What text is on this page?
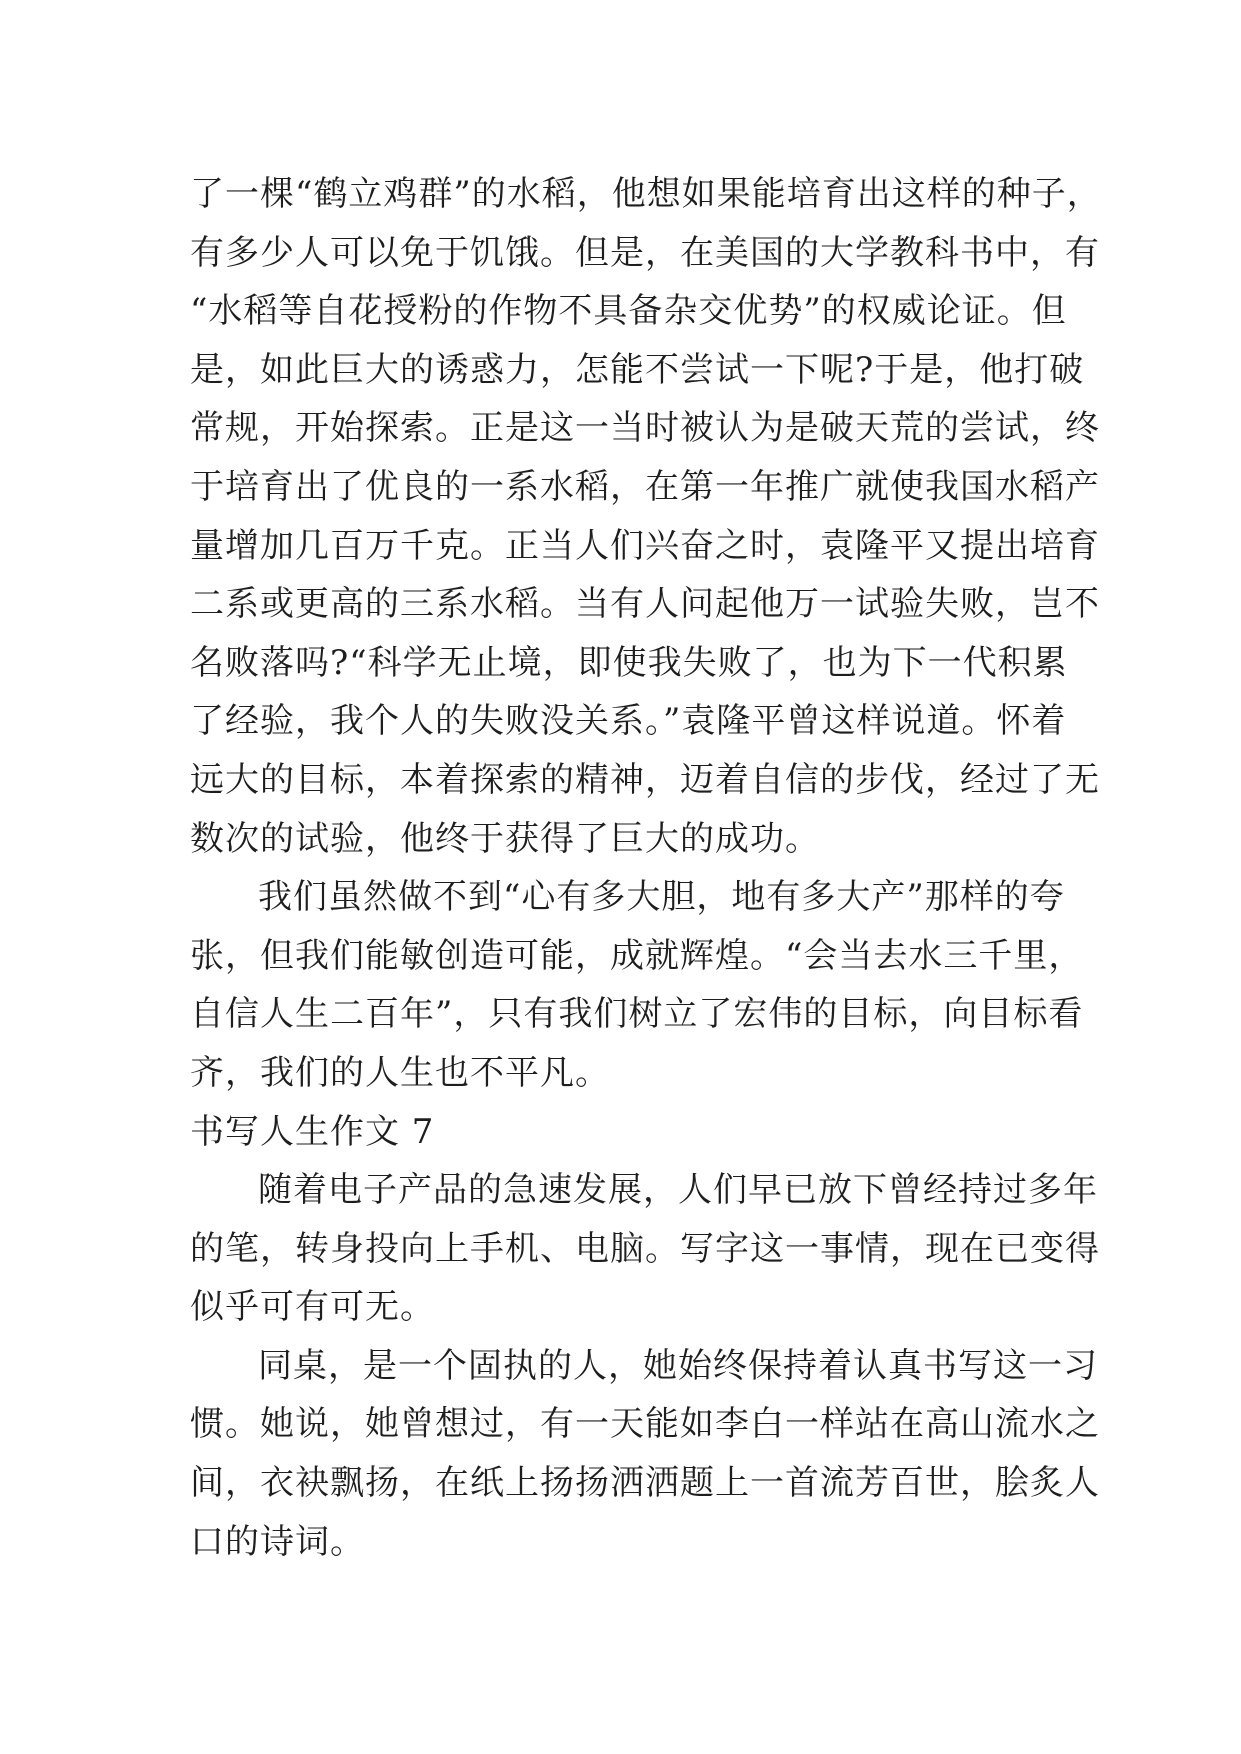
了一棵“鹤立鸡群”的水稻，他想如果能培育出这样的种子，
有多少人可以免于饥饿。但是，在美国的大学教科书中，有
“水稻等自花授粉的作物不具备杂交优势”的权威论证。但
是，如此巨大的诱惑力，怎能不尝试一下呢?于是，他打破
常规，开始探索。正是这一当时被认为是破天荒的尝试，终
于培育出了优良的一系水稻，在第一年推广就使我国水稻产
量增加几百万千克。正当人们兴奋之时，袁隆平又提出培育
二系或更高的三系水稻。当有人问起他万一试验失败，岂不
名败落吗?“科学无止境，即使我失败了，也为下一代积累
了经验，我个人的失败没关系。”袁隆平曾这样说道。怀着
远大的目标，本着探索的精神，迈着自信的步伐，经过了无
数次的试验，他终于获得了巨大的成功。
我们虽然做不到“心有多大胆，地有多大产”那样的夸
张，但我们能敏创造可能，成就辉煌。“会当去水三千里，
自信人生二百年”，只有我们树立了宏伟的目标，向目标看
齐，我们的人生也不平凡。
书写人生作文 7
随着电子产品的急速发展，人们早已放下曾经持过多年
的笔，转身投向上手机、电脑。写字这一事情，现在已变得
似乎可有可无。
同桌，是一个固执的人，她始终保持着认真书写这一习
惯。她说，她曾想过，有一天能如李白一样站在高山流水之
间，衣袂飘扬，在纸上扬扬洒洒题上一首流芳百世，脍炙人
口的诗词。
